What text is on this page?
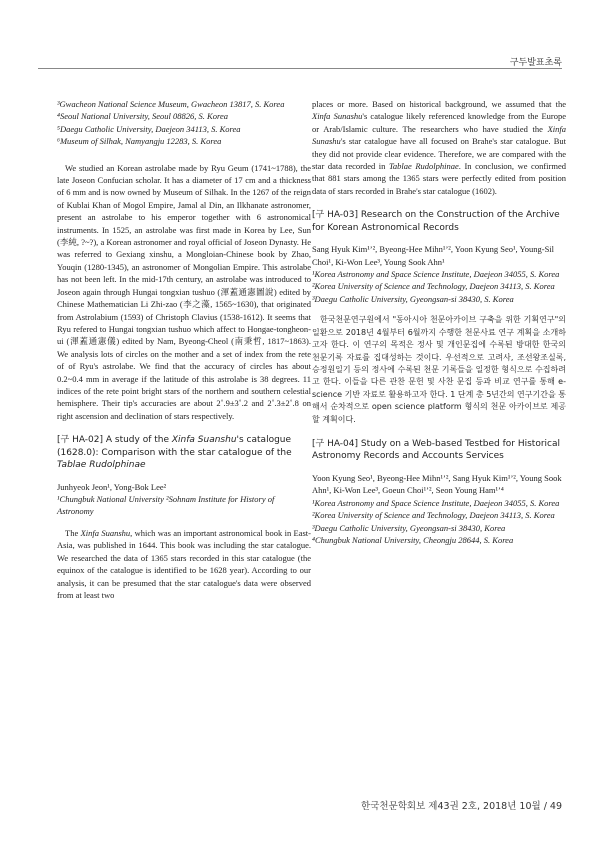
구두발표초록
³Gwacheon National Science Museum, Gwacheon 13817, S. Korea
⁴Seoul National University, Seoul 08826, S. Korea
⁵Daegu Catholic University, Daejeon 34113, S. Korea
⁶Museum of Silhak, Namyangju 12283, S. Korea

We studied an Korean astrolabe made by Ryu Geum (1741~1788), the late Joseon Confucian scholar. It has a diameter of 17 cm and a thickness of 6 mm and is now owned by Museum of Silhak. In the 1267 of the reign of Kublai Khan of Mogol Empire, Jamal al Din, an Ilkhanate astronomer, present an astrolabe to his emperor together with 6 astronomical instruments. In 1525, an astrolabe was first made in Korea by Lee, Sun (李純, ?~?), a Korean astronomer and royal official of Joseon Dynasty. He was referred to Gexiang xinshu, a Mongloian-Chinese book by Zhao, Youqin (1280-1345), an astronomer of Mongolian Empire. This astrolabe has not been left. In the mid-17th century, an astrolabe was introduced to Joseon again through Hungai tongxian tushuo (渾蓋通憲圖說) edited by Chinese Mathematician Li Zhi-zao (李之藻, 1565~1630), that originated from Astrolabium (1593) of Christoph Clavius (1538-1612). It seems that Ryu refered to Hungai tongxian tushuo which affect to Hongae-tongheon-ui (渾蓋通憲儀) edited by Nam, Byeong-Cheol (南秉哲, 1817~1863). We analysis lots of circles on the mother and a set of index from the rete of of Ryu's astrolabe. We find that the accuracy of circles has about 0.2~0.4 mm in average if the latitude of this astrolabe is 38 degrees. 11 indices of the rete point bright stars of the northern and southern celestial hemisphere. Their tip's accuracies are about 2˚.9±3˚.2 and 2˚.3±2˚.8 on right ascension and declination of stars respectively.

[구 HA-02] A study of the Xinfa Suanshu's catalogue (1628.0): Comparison with the star catalogue of the Tablae Rudolphinae
Junhyeok Jeon¹, Yong-Bok Lee²
¹Chungbuk National University ²Sohnam Institute for History of Astronomy

The Xinfa Suanshu, which was an important astronomical book in East-Asia, was published in 1644. This book was including the star catalogue. We researched the data of 1365 stars recorded in this star catalogue (the equinox of the catalogue is identified to be 1628 year). According to our analysis, it can be presumed that the star catalogue's data were observed from at least two

places or more. Based on historical background, we assumed that the Xinfa Sunashu's catalogue likely referenced knowledge from the Europe or Arab/Islamic culture. The researchers who have studied the Xinfa Sunashu's star catalogue have all focused on Brahe's star catalogue. But they did not provide clear evidence. Therefore, we are compared with the star data recorded in Tablae Rudolphinae. In conclusion, we confirmed that 881 stars among the 1365 stars were perfectly edited from position data of stars recorded in Brahe's star catalogue (1602).

[구 HA-03] Research on the Construction of the Archive for Korean Astronomical Records
Sang Hyuk Kim¹ʼ², Byeong-Hee Mihn¹ʼ², Yoon Kyung Seo¹, Young-Sil Choi¹, Ki-Won Lee³, Young Sook Ahn¹
¹Korea Astronomy and Space Science Institute, Daejeon 34055, S. Korea
²Korea University of Science and Technology, Daejeon 34113, S. Korea
³Daegu Catholic University, Gyeongsan-si 38430, S. Korea

한국천문연구원에서 "동아시아 천문아카이브 구축을 위한 기획연구"의 일환으로 2018년 4월부터 6월까지 수행한 천문사료 연구 계획을 소개하고자 한다. 이 연구의 목적은 정사 및 개인문집에 수록된 방대한 한국의 천문기록 자료를 집대성하는 것이다. 우선적으로 고려사, 조선왕조실록, 승정원일기 등의 정사에 수록된 천문 기록들을 일정한 형식으로 수집하려고 한다. 이들을 다른 관찬 문헌 및 사찬 문집 등과 비교 연구를 통해 e-science 기반 자료로 활용하고자 한다. 1 단계 총 5년간의 연구기간을 통해서 순차적으로 open science platform 형식의 천문 아카이브로 제공할 계획이다.

[구 HA-04] Study on a Web-based Testbed for Historical Astronomy Records and Accounts Services
Yoon Kyung Seo¹, Byeong-Hee Mihn¹ʼ², Sang Hyuk Kim¹ʼ², Young Sook Ahn¹, Ki-Won Lee³, Goeun Choi¹ʼ², Seon Young Ham¹ʼ⁴
¹Korea Astronomy and Space Science Institute, Daejeon 34055, S. Korea
²Korea University of Science and Technology, Daejeon 34113, S. Korea
³Daegu Catholic University, Gyeongsan-si 38430, Korea
⁴Chungbuk National University, Cheongju 28644, S. Korea
한국천문학회보 제43권 2호, 2018년 10월 / 49
